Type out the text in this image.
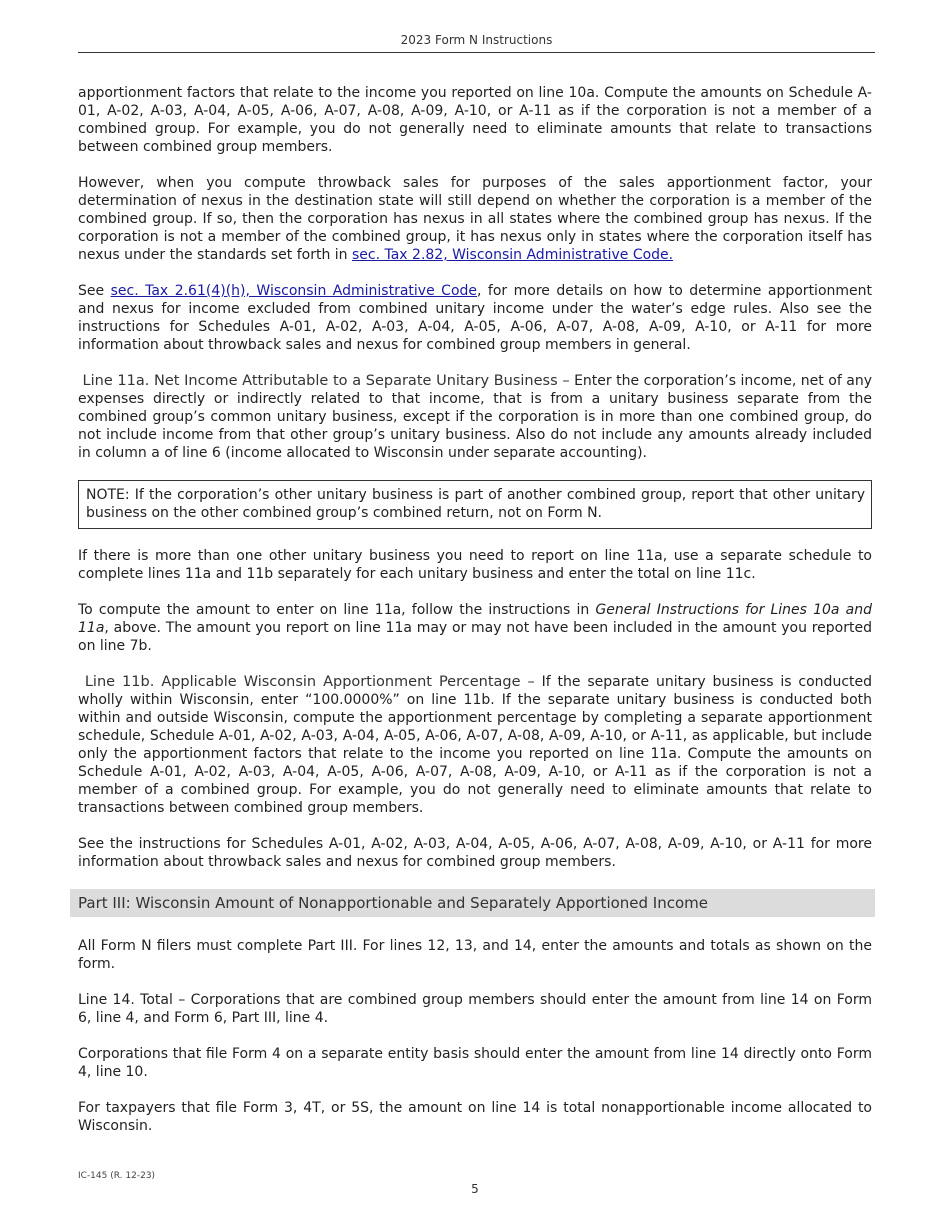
2023 Form N Instructions

apportionment factors that relate to the income you reported on line 10a. Compute the amounts on Schedule A-01, A-02, A-03, A-04, A-05, A-06, A-07, A-08, A-09, A-10, or A-11 as if the corporation is not a member of a combined group. For example, you do not generally need to eliminate amounts that relate to transactions between combined group members.

However, when you compute throwback sales for purposes of the sales apportionment factor, your determination of nexus in the destination state will still depend on whether the corporation is a member of the combined group. If so, then the corporation has nexus in all states where the combined group has nexus. If the corporation is not a member of the combined group, it has nexus only in states where the corporation itself has nexus under the standards set forth in sec. Tax 2.82, Wisconsin Administrative Code.

See sec. Tax 2.61(4)(h), Wisconsin Administrative Code, for more details on how to determine apportionment and nexus for income excluded from combined unitary income under the water’s edge rules. Also see the instructions for Schedules A-01, A-02, A-03, A-04, A-05, A-06, A-07, A-08, A-09, A-10, or A-11 for more information about throwback sales and nexus for combined group members in general.

Line 11a. Net Income Attributable to a Separate Unitary Business – Enter the corporation’s income, net of any expenses directly or indirectly related to that income, that is from a unitary business separate from the combined group’s common unitary business, except if the corporation is in more than one combined group, do not include income from that other group’s unitary business. Also do not include any amounts already included in column a of line 6 (income allocated to Wisconsin under separate accounting).

NOTE: If the corporation’s other unitary business is part of another combined group, report that other unitary business on the other combined group’s combined return, not on Form N.

If there is more than one other unitary business you need to report on line 11a, use a separate schedule to complete lines 11a and 11b separately for each unitary business and enter the total on line 11c.

To compute the amount to enter on line 11a, follow the instructions in General Instructions for Lines 10a and 11a, above. The amount you report on line 11a may or may not have been included in the amount you reported on line 7b.

Line 11b. Applicable Wisconsin Apportionment Percentage – If the separate unitary business is conducted wholly within Wisconsin, enter “100.0000%” on line 11b. If the separate unitary business is conducted both within and outside Wisconsin, compute the apportionment percentage by completing a separate apportionment schedule, Schedule A-01, A-02, A-03, A-04, A-05, A-06, A-07, A-08, A-09, A-10, or A-11, as applicable, but include only the apportionment factors that relate to the income you reported on line 11a. Compute the amounts on Schedule A-01, A-02, A-03, A-04, A-05, A-06, A-07, A-08, A-09, A-10, or A-11 as if the corporation is not a member of a combined group. For example, you do not generally need to eliminate amounts that relate to transactions between combined group members.

See the instructions for Schedules A-01, A-02, A-03, A-04, A-05, A-06, A-07, A-08, A-09, A-10, or A-11 for more information about throwback sales and nexus for combined group members.

Part III: Wisconsin Amount of Nonapportionable and Separately Apportioned Income

All Form N filers must complete Part III. For lines 12, 13, and 14, enter the amounts and totals as shown on the form.

Line 14. Total – Corporations that are combined group members should enter the amount from line 14 on Form 6, line 4, and Form 6, Part III, line 4.

Corporations that file Form 4 on a separate entity basis should enter the amount from line 14 directly onto Form 4, line 10.

For taxpayers that file Form 3, 4T, or 5S, the amount on line 14 is total nonapportionable income allocated to Wisconsin.

IC-145 (R. 12-23)
5
